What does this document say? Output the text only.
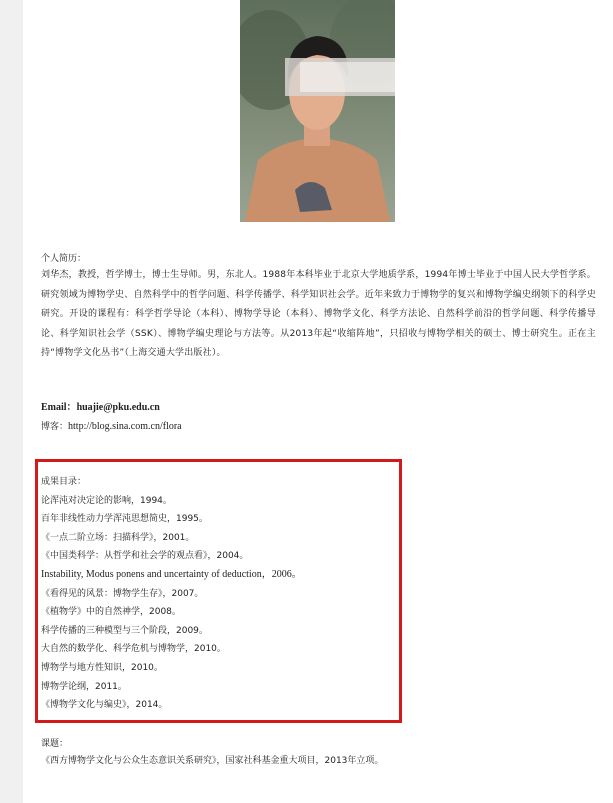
个人简历：
刘华杰，教授，哲学博士，博士生导师。男，东北人。1988年本科毕业于北京大学地质学系，1994年博士毕业于中国人民大学哲学系。研究领域为博物学史、自然科学中的哲学问题、科学传播学、科学知识社会学。近年来致力于博物学的复兴和博物学编史纲领下的科学史研究。开设的课程有：科学哲学导论（本科）、博物学导论（本科）、博物学文化、科学方法论、自然科学前沿的哲学问题、科学传播导论、科学知识社会学（SSK）、博物学编史理论与方法等。从2013年起“收缩阵地”，只招收与博物学相关的硕士、博士研究生。正在主持“博物学文化丛书”（上海交通大学出版社）。
Email：huajie@pku.edu.cn
博客：http://blog.sina.com.cn/flora
成果目录：
论浑沌对决定论的影响，1994。
百年非线性动力学浑沌思想简史，1995。
《一点二阶立场：扫描科学》，2001。
《中国类科学：从哲学和社会学的观点看》，2004。
Instability, Modus ponens and uncertainty of deduction，2006。
《看得见的风景：博物学生存》，2007。
《植物学》中的自然神学，2008。
科学传播的三种模型与三个阶段，2009。
大自然的数学化、科学危机与博物学，2010。
博物学与地方性知识，2010。
博物学论纲，2011。
《博物学文化与编史》，2014。
课题：
《西方博物学文化与公众生态意识关系研究》，国家社科基金重大项目，2013年立项。
